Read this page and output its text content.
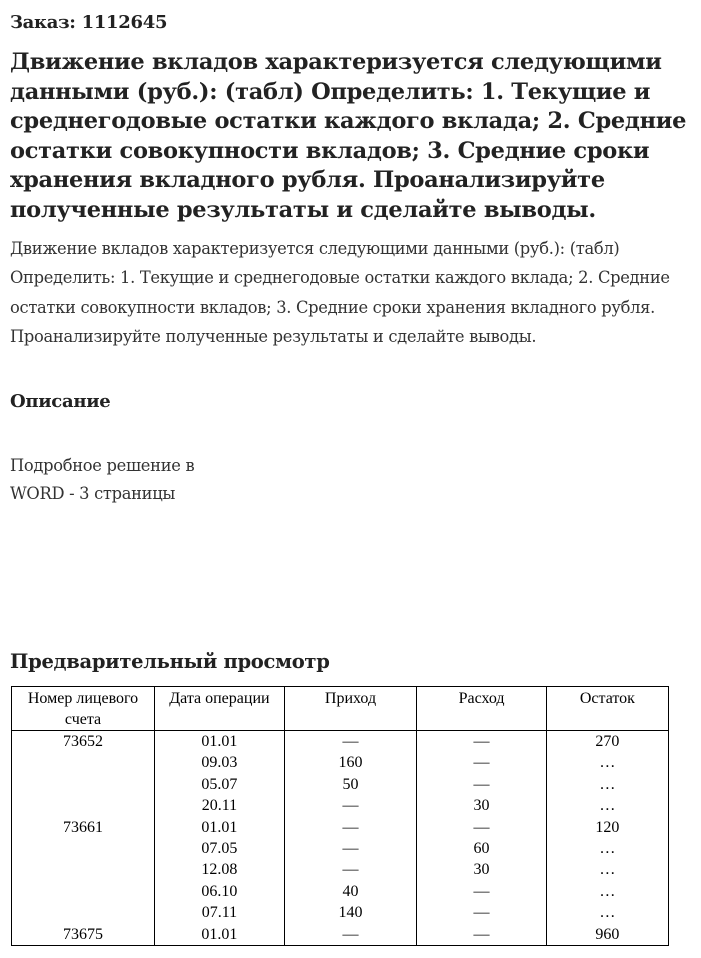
Заказ: 1112645
Движение вкладов характеризуется следующими данными (руб.): (табл) Определить: 1. Текущие и среднегодовые остатки каждого вклада; 2. Средние остатки совокупности вкладов; 3. Средние сроки хранения вкладного рубля. Проанализируйте полученные результаты и сделайте выводы.
Движение вкладов характеризуется следующими данными (руб.): (табл) Определить: 1. Текущие и среднегодовые остатки каждого вклада; 2. Средние остатки совокупности вкладов; 3. Средние сроки хранения вкладного рубля. Проанализируйте полученные результаты и сделайте выводы.
Описание
Подробное решение в
WORD - 3 страницы
Предварительный просмотр
Номер лицевого счета	Дата операции	Приход	Расход	Остаток
73652	01.01	—	—	270
	09.03	160	—	…
	05.07	50	—	…
	20.11	—	30	…
73661	01.01	—	—	120
	07.05	—	60	…
	12.08	—	30	…
	06.10	40	—	…
	07.11	140	—	…
73675	01.01	—	—	960
